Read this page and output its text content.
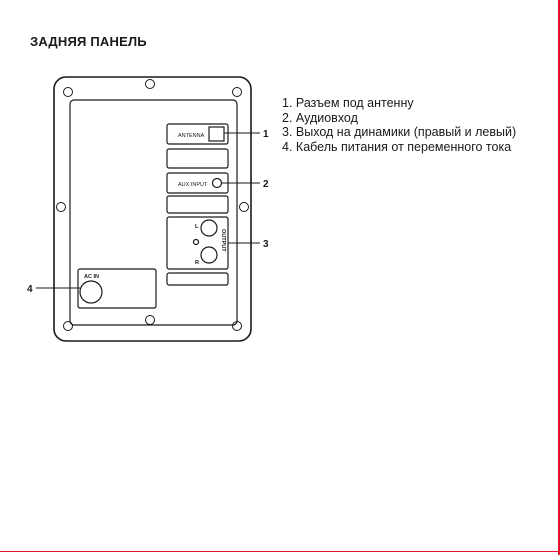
ЗАДНЯЯ ПАНЕЛЬ
1. Разъем под антенну
2. Аудиовход
3. Выход на динамики (правый и левый)
4. Кабель питания от переменного тока
ANTENNA
AUX INPUT
L
R
OUTPUT
AC IN
1
2
3
4
